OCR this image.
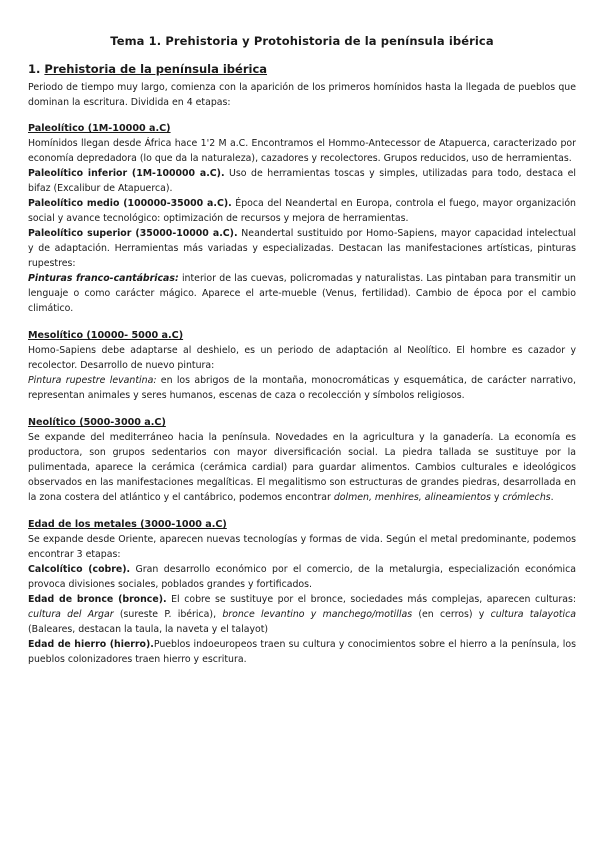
Tema 1. Prehistoria y Protohistoria de la península ibérica
1. Prehistoria de la península ibérica

Periodo de tiempo muy largo, comienza con la aparición de los primeros homínidos hasta la llegada de pueblos que dominan la escritura. Dividida en 4 etapas:

Paleolítico (1M-10000 a.C)

Homínidos llegan desde África hace 1'2 M a.C. Encontramos el Hommo-Antecessor de Atapuerca, caracterizado por economía depredadora (lo que da la naturaleza), cazadores y recolectores. Grupos reducidos, uso de herramientas.

Paleolítico inferior (1M-100000 a.C). Uso de herramientas toscas y simples, utilizadas para todo, destaca el bifaz (Excalibur de Atapuerca).

Paleolítico medio (100000-35000 a.C). Época del Neandertal en Europa, controla el fuego, mayor organización social y avance tecnológico: optimización de recursos y mejora de herramientas.

Paleolítico superior (35000-10000 a.C). Neandertal sustituido por Homo-Sapiens, mayor capacidad intelectual y de adaptación. Herramientas más variadas y especializadas. Destacan las manifestaciones artísticas, pinturas rupestres:

Pinturas franco-cantábricas: interior de las cuevas, policromadas y naturalistas. Las pintaban para transmitir un lenguaje o como carácter mágico. Aparece el arte-mueble (Venus, fertilidad). Cambio de época por el cambio climático.

Mesolítico (10000- 5000 a.C)

Homo-Sapiens debe adaptarse al deshielo, es un periodo de adaptación al Neolítico. El hombre es cazador y recolector. Desarrollo de nuevo pintura:

Pintura rupestre levantina: en los abrigos de la montaña, monocromáticas y esquemática, de carácter narrativo, representan animales y seres humanos, escenas de caza o recolección y símbolos religiosos.

Neolítico (5000-3000 a.C)

Se expande del mediterráneo hacia la península. Novedades en la agricultura y la ganadería. La economía es productora, son grupos sedentarios con mayor diversificación social. La piedra tallada se sustituye por la pulimentada, aparece la cerámica (cerámica cardial) para guardar alimentos. Cambios culturales e ideológicos observados en las manifestaciones megalíticas. El megalitismo son estructuras de grandes piedras, desarrollada en la zona costera del atlántico y el cantábrico, podemos encontrar dolmen, menhires, alineamientos y crómlechs.

Edad de los metales (3000-1000 a.C)

Se expande desde Oriente, aparecen nuevas tecnologías y formas de vida. Según el metal predominante, podemos encontrar 3 etapas:

Calcolítico (cobre). Gran desarrollo económico por el comercio, de la metalurgia, especialización económica provoca divisiones sociales, poblados grandes y fortificados.

Edad de bronce (bronce). El cobre se sustituye por el bronce, sociedades más complejas, aparecen culturas: cultura del Argar (sureste P. ibérica), bronce levantino y manchego/motillas (en cerros) y cultura talayotica (Baleares, destacan la taula, la naveta y el talayot)

Edad de hierro (hierro).Pueblos indoeuropeos traen su cultura y conocimientos sobre el hierro a la península, los pueblos colonizadores traen hierro y escritura.
